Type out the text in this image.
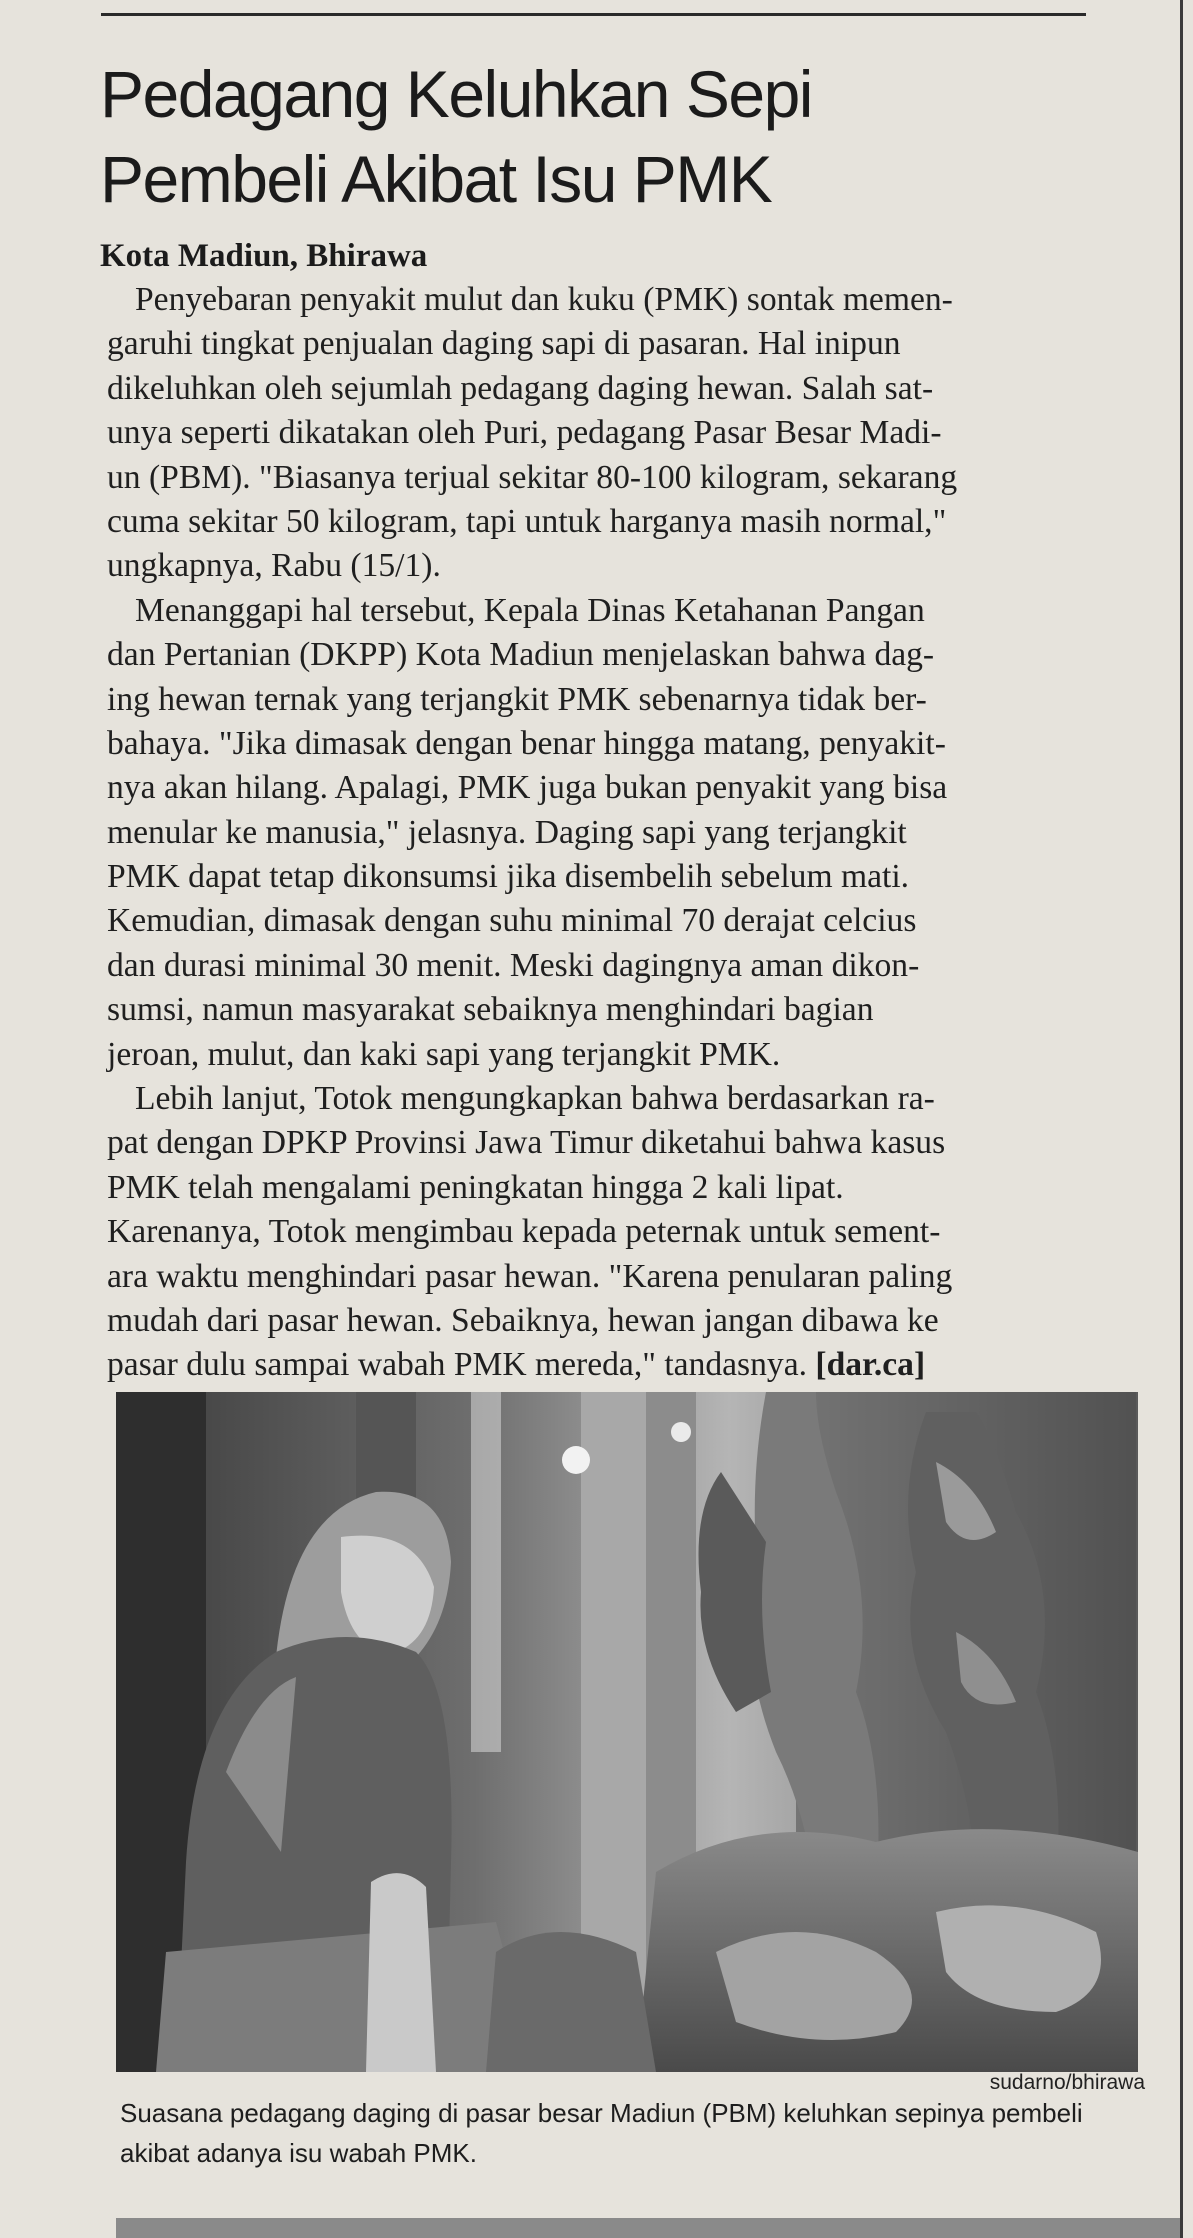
Pedagang Keluhkan Sepi
Pembeli Akibat Isu PMK
Kota Madiun, Bhirawa
Penyebaran penyakit mulut dan kuku (PMK) sontak memen-
garuhi tingkat penjualan daging sapi di pasaran. Hal inipun
dikeluhkan oleh sejumlah pedagang daging hewan. Salah sat-
unya seperti dikatakan oleh Puri, pedagang Pasar Besar Madi-
un (PBM). "Biasanya terjual sekitar 80-100 kilogram, sekarang
cuma sekitar 50 kilogram, tapi untuk harganya masih normal,"
ungkapnya, Rabu (15/1).
Menanggapi hal tersebut, Kepala Dinas Ketahanan Pangan
dan Pertanian (DKPP) Kota Madiun menjelaskan bahwa dag-
ing hewan ternak yang terjangkit PMK sebenarnya tidak ber-
bahaya. "Jika dimasak dengan benar hingga matang, penyakit-
nya akan hilang. Apalagi, PMK juga bukan penyakit yang bisa
menular ke manusia," jelasnya. Daging sapi yang terjangkit
PMK dapat tetap dikonsumsi jika disembelih sebelum mati.
Kemudian, dimasak dengan suhu minimal 70 derajat celcius
dan durasi minimal 30 menit. Meski dagingnya aman dikon-
sumsi, namun masyarakat sebaiknya menghindari bagian
jeroan, mulut, dan kaki sapi yang terjangkit PMK.
Lebih lanjut, Totok mengungkapkan bahwa berdasarkan ra-
pat dengan DPKP Provinsi Jawa Timur diketahui bahwa kasus
PMK telah mengalami peningkatan hingga 2 kali lipat.
Karenanya, Totok mengimbau kepada peternak untuk sement-
ara waktu menghindari pasar hewan. "Karena penularan paling
mudah dari pasar hewan. Sebaiknya, hewan jangan dibawa ke
pasar dulu sampai wabah PMK mereda," tandasnya. [dar.ca]
sudarno/bhirawa
Suasana pedagang daging di pasar besar Madiun (PBM) keluhkan sepinya pembeli
akibat adanya isu wabah PMK.
